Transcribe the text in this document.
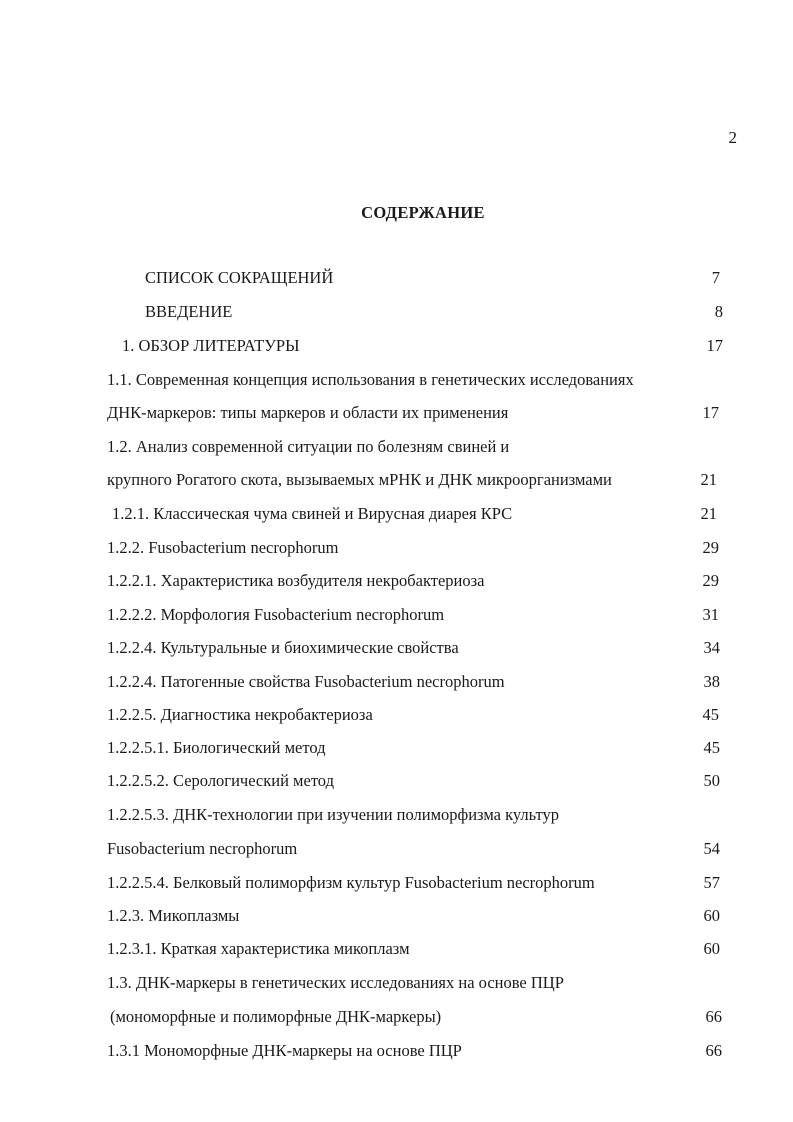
2
СОДЕРЖАНИЕ
СПИСОК СОКРАЩЕНИЙ	7
ВВЕДЕНИЕ	8
1. ОБЗОР ЛИТЕРАТУРЫ	17
1.1. Современная концепция использования в генетических исследованиях
ДНК-маркеров: типы маркеров и области их применения	17
1.2. Анализ современной ситуации по болезням свиней и
крупного Рогатого скота, вызываемых мРНК и ДНК микроорганизмами	21
1.2.1. Классическая чума свиней и Вирусная диарея КРС	21
1.2.2. Fusobacterium necrophorum	29
1.2.2.1. Характеристика возбудителя некробактериоза	29
1.2.2.2. Морфология Fusobacterium necrophorum	31
1.2.2.4. Культуральные и биохимические свойства	34
1.2.2.4. Патогенные свойства Fusobacterium necrophorum	38
1.2.2.5. Диагностика некробактериоза	45
1.2.2.5.1. Биологический метод	45
1.2.2.5.2. Серологический метод	50
1.2.2.5.3. ДНК-технологии при изучении полиморфизма культур
Fusobacterium necrophorum	54
1.2.2.5.4. Белковый полиморфизм культур Fusobacterium necrophorum	57
1.2.3. Микоплазмы	60
1.2.3.1. Краткая характеристика микоплазм	60
1.3. ДНК-маркеры в генетических исследованиях на основе ПЦР
(мономорфные и полиморфные ДНК-маркеры)	66
1.3.1 Мономорфные ДНК-маркеры на основе ПЦР	66
